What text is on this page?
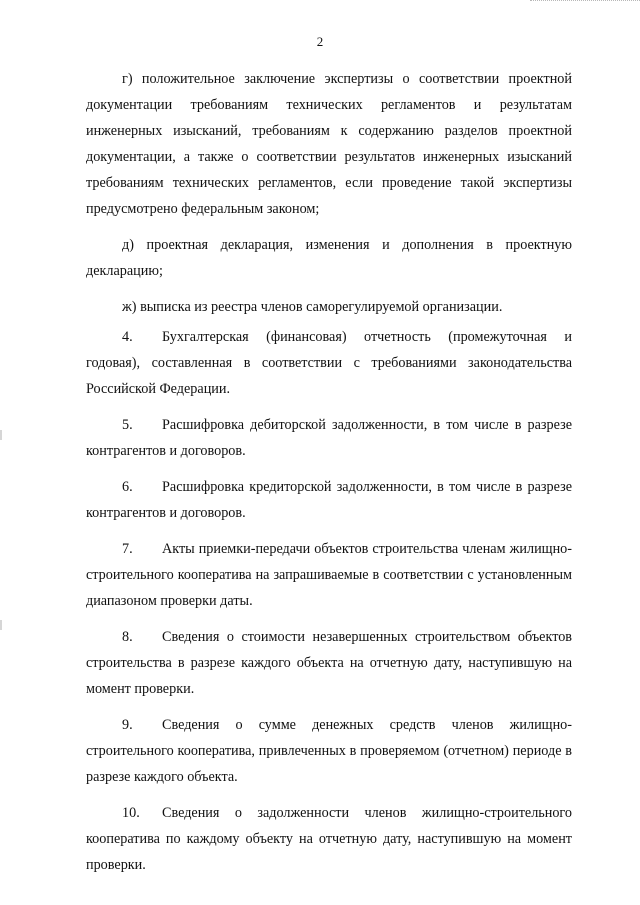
2

г) положительное заключение экспертизы о соответствии проектной документации требованиям технических регламентов и результатам инженерных изысканий, требованиям к содержанию разделов проектной документации, а также о соответствии результатов инженерных изысканий требованиям технических регламентов, если проведение такой экспертизы предусмотрено федеральным законом;

д) проектная декларация, изменения и дополнения в проектную декларацию;

ж) выписка из реестра членов саморегулируемой организации.

4. Бухгалтерская (финансовая) отчетность (промежуточная и годовая), составленная в соответствии с требованиями законодательства Российской Федерации.

5. Расшифровка дебиторской задолженности, в том числе в разрезе контрагентов и договоров.

6. Расшифровка кредиторской задолженности, в том числе в разрезе контрагентов и договоров.

7. Акты приемки-передачи объектов строительства членам жилищно-строительного кооператива на запрашиваемые в соответствии с установленным диапазоном проверки даты.

8. Сведения о стоимости незавершенных строительством объектов строительства в разрезе каждого объекта на отчетную дату, наступившую на момент проверки.

9. Сведения о сумме денежных средств членов жилищно-строительного кооператива, привлеченных в проверяемом (отчетном) периоде в разрезе каждого объекта.

10. Сведения о задолженности членов жилищно-строительного кооператива по каждому объекту на отчетную дату, наступившую на момент проверки.
